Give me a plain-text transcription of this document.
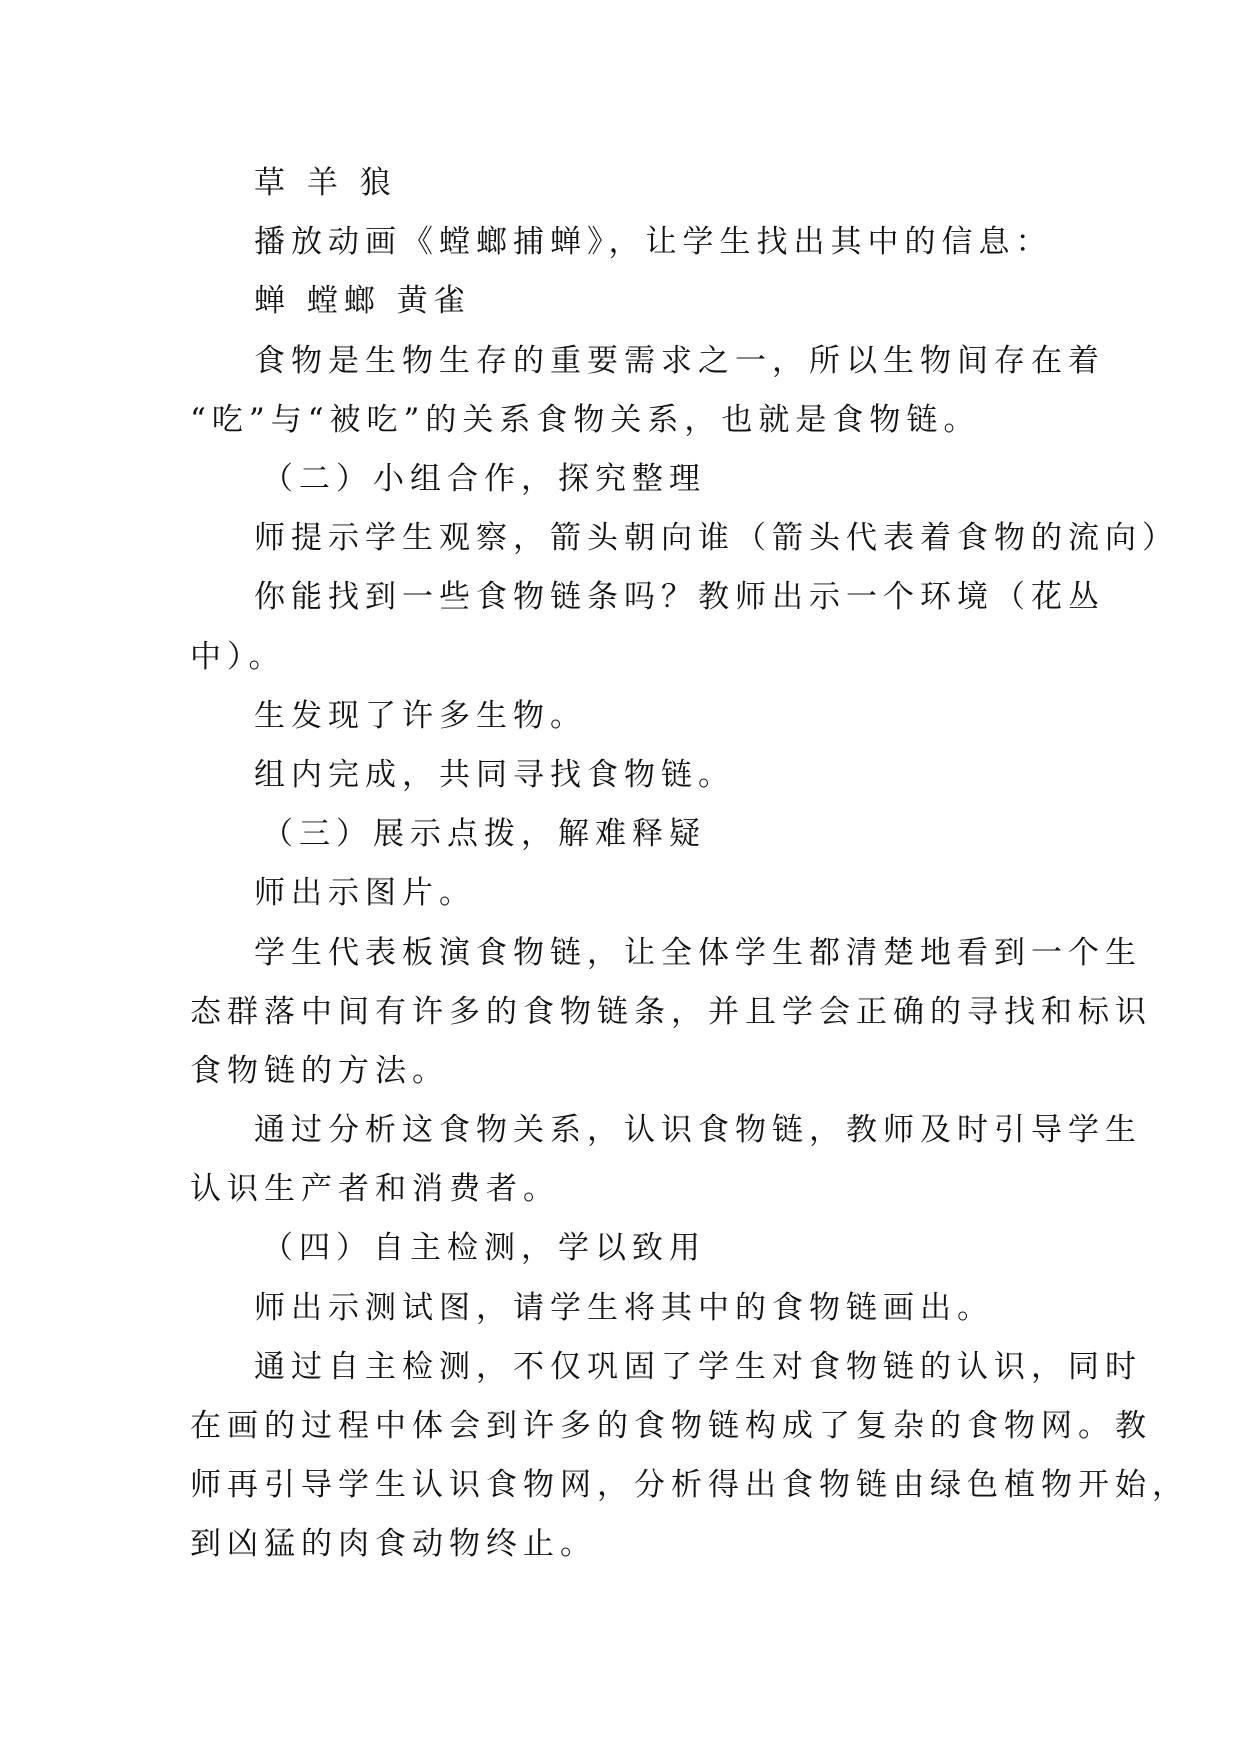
草 羊 狼
播放动画《螳螂捕蝉》，让学生找出其中的信息：
蝉 螳螂 黄雀
食物是生物生存的重要需求之一，所以生物间存在着
“吃”与“被吃”的关系食物关系，也就是食物链。
（二）小组合作，探究整理
师提示学生观察，箭头朝向谁（箭头代表着食物的流向）
你能找到一些食物链条吗？教师出示一个环境（花丛
中）。
生发现了许多生物。
组内完成，共同寻找食物链。
（三）展示点拨，解难释疑
师出示图片。
学生代表板演食物链，让全体学生都清楚地看到一个生
态群落中间有许多的食物链条，并且学会正确的寻找和标识
食物链的方法。
通过分析这食物关系，认识食物链，教师及时引导学生
认识生产者和消费者。
（四）自主检测，学以致用
师出示测试图，请学生将其中的食物链画出。
通过自主检测，不仅巩固了学生对食物链的认识，同时
在画的过程中体会到许多的食物链构成了复杂的食物网。教
师再引导学生认识食物网，分析得出食物链由绿色植物开始，
到凶猛的肉食动物终止。
